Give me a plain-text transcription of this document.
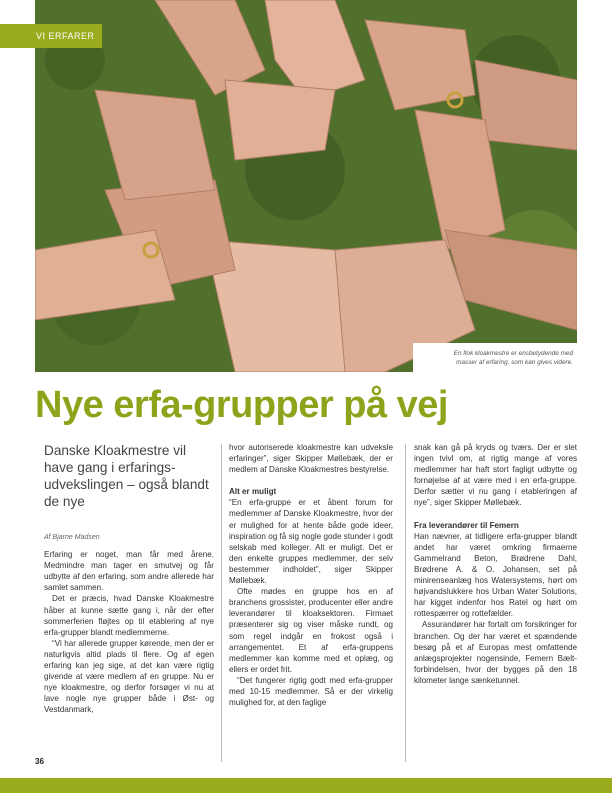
VI ERFARER
En flok kloakmestre er ensbetydende med
masser af erfaring, som kan gives videre.
Nye erfa-grupper på vej

Danske Kloakmestre vil have gang i erfarings-udvekslingen – også blandt de nye

Af Bjarne Madsen

Erfaring er noget, man får med årene. Medmindre man tager en smutvej og får udbytte af den erfaring, som andre allerede har samlet sammen.

Det er præcis, hvad Danske Kloakmestre håber at kunne sætte gang i, når der efter sommerferien fløjtes op til etablering af nye erfa-grupper blandt medlemmerne.

“Vi har allerede grupper kørende, men der er naturligvis altid plads til flere. Og af egen erfaring kan jeg sige, at det kan være rigtig givende at være medlem af en gruppe. Nu er nye kloakmestre, og derfor forsøger vi nu at lave nogle nye grupper både i Øst- og Vestdanmark,

hvor autoriserede kloakmestre kan udveksle erfaringer”, siger Skipper Møllebæk, der er medlem af Danske Kloakmestres bestyrelse.

Alt er muligt

“En erfa-gruppe er et åbent forum for medlemmer af Danske Kloakmestre, hvor der er mulighed for at hente både gode ideer, inspiration og få sig nogle gode stunder i godt selskab med kolleger. Alt er muligt. Det er den enkelte gruppes medlemmer, der selv bestemmer indholdet”, siger Skipper Møllebæk.

Ofte mødes en gruppe hos en af branchens grossister, producenter eller andre leverandører til kloaksektoren. Firmaet præsenterer sig og viser måske rundt, og som regel indgår en frokost også i arrangementet. Et af erfa-gruppens medlemmer kan komme med et oplæg, og ellers er ordet frit.

“Det fungerer rigtig godt med erfa-grupper med 10-15 medlemmer. Så er der virkelig mulighed for, at den faglige

snak kan gå på kryds og tværs. Der er slet ingen tvivl om, at rigtig mange af vores medlemmer har haft stort fagligt udbytte og fornøjelse af at være med i en erfa-gruppe. Derfor sætter vi nu gang i etableringen af nye”, siger Skipper Møllebæk.

Fra leverandører til Femern

Han nævner, at tidligere erfa-grupper blandt andet har været omkring firmaerne Gammelrand Beton, Brødrene Dahl, Brødrene A. & O. Johansen, set på minirenseanlæg hos Watersystems, hørt om højvandslukkere hos Urban Water Solutions, har kigget indenfor hos Ratel og hørt om rottespærrer og rottefælder.

Assurandører har fortalt om forsikringer for branchen. Og der har været et spændende besøg på et af Europas mest omfattende anlægsprojekter nogensinde, Femern Bælt-forbindelsen, hvor der bygges på den 18 kilometer lange sænketunnel.

36
